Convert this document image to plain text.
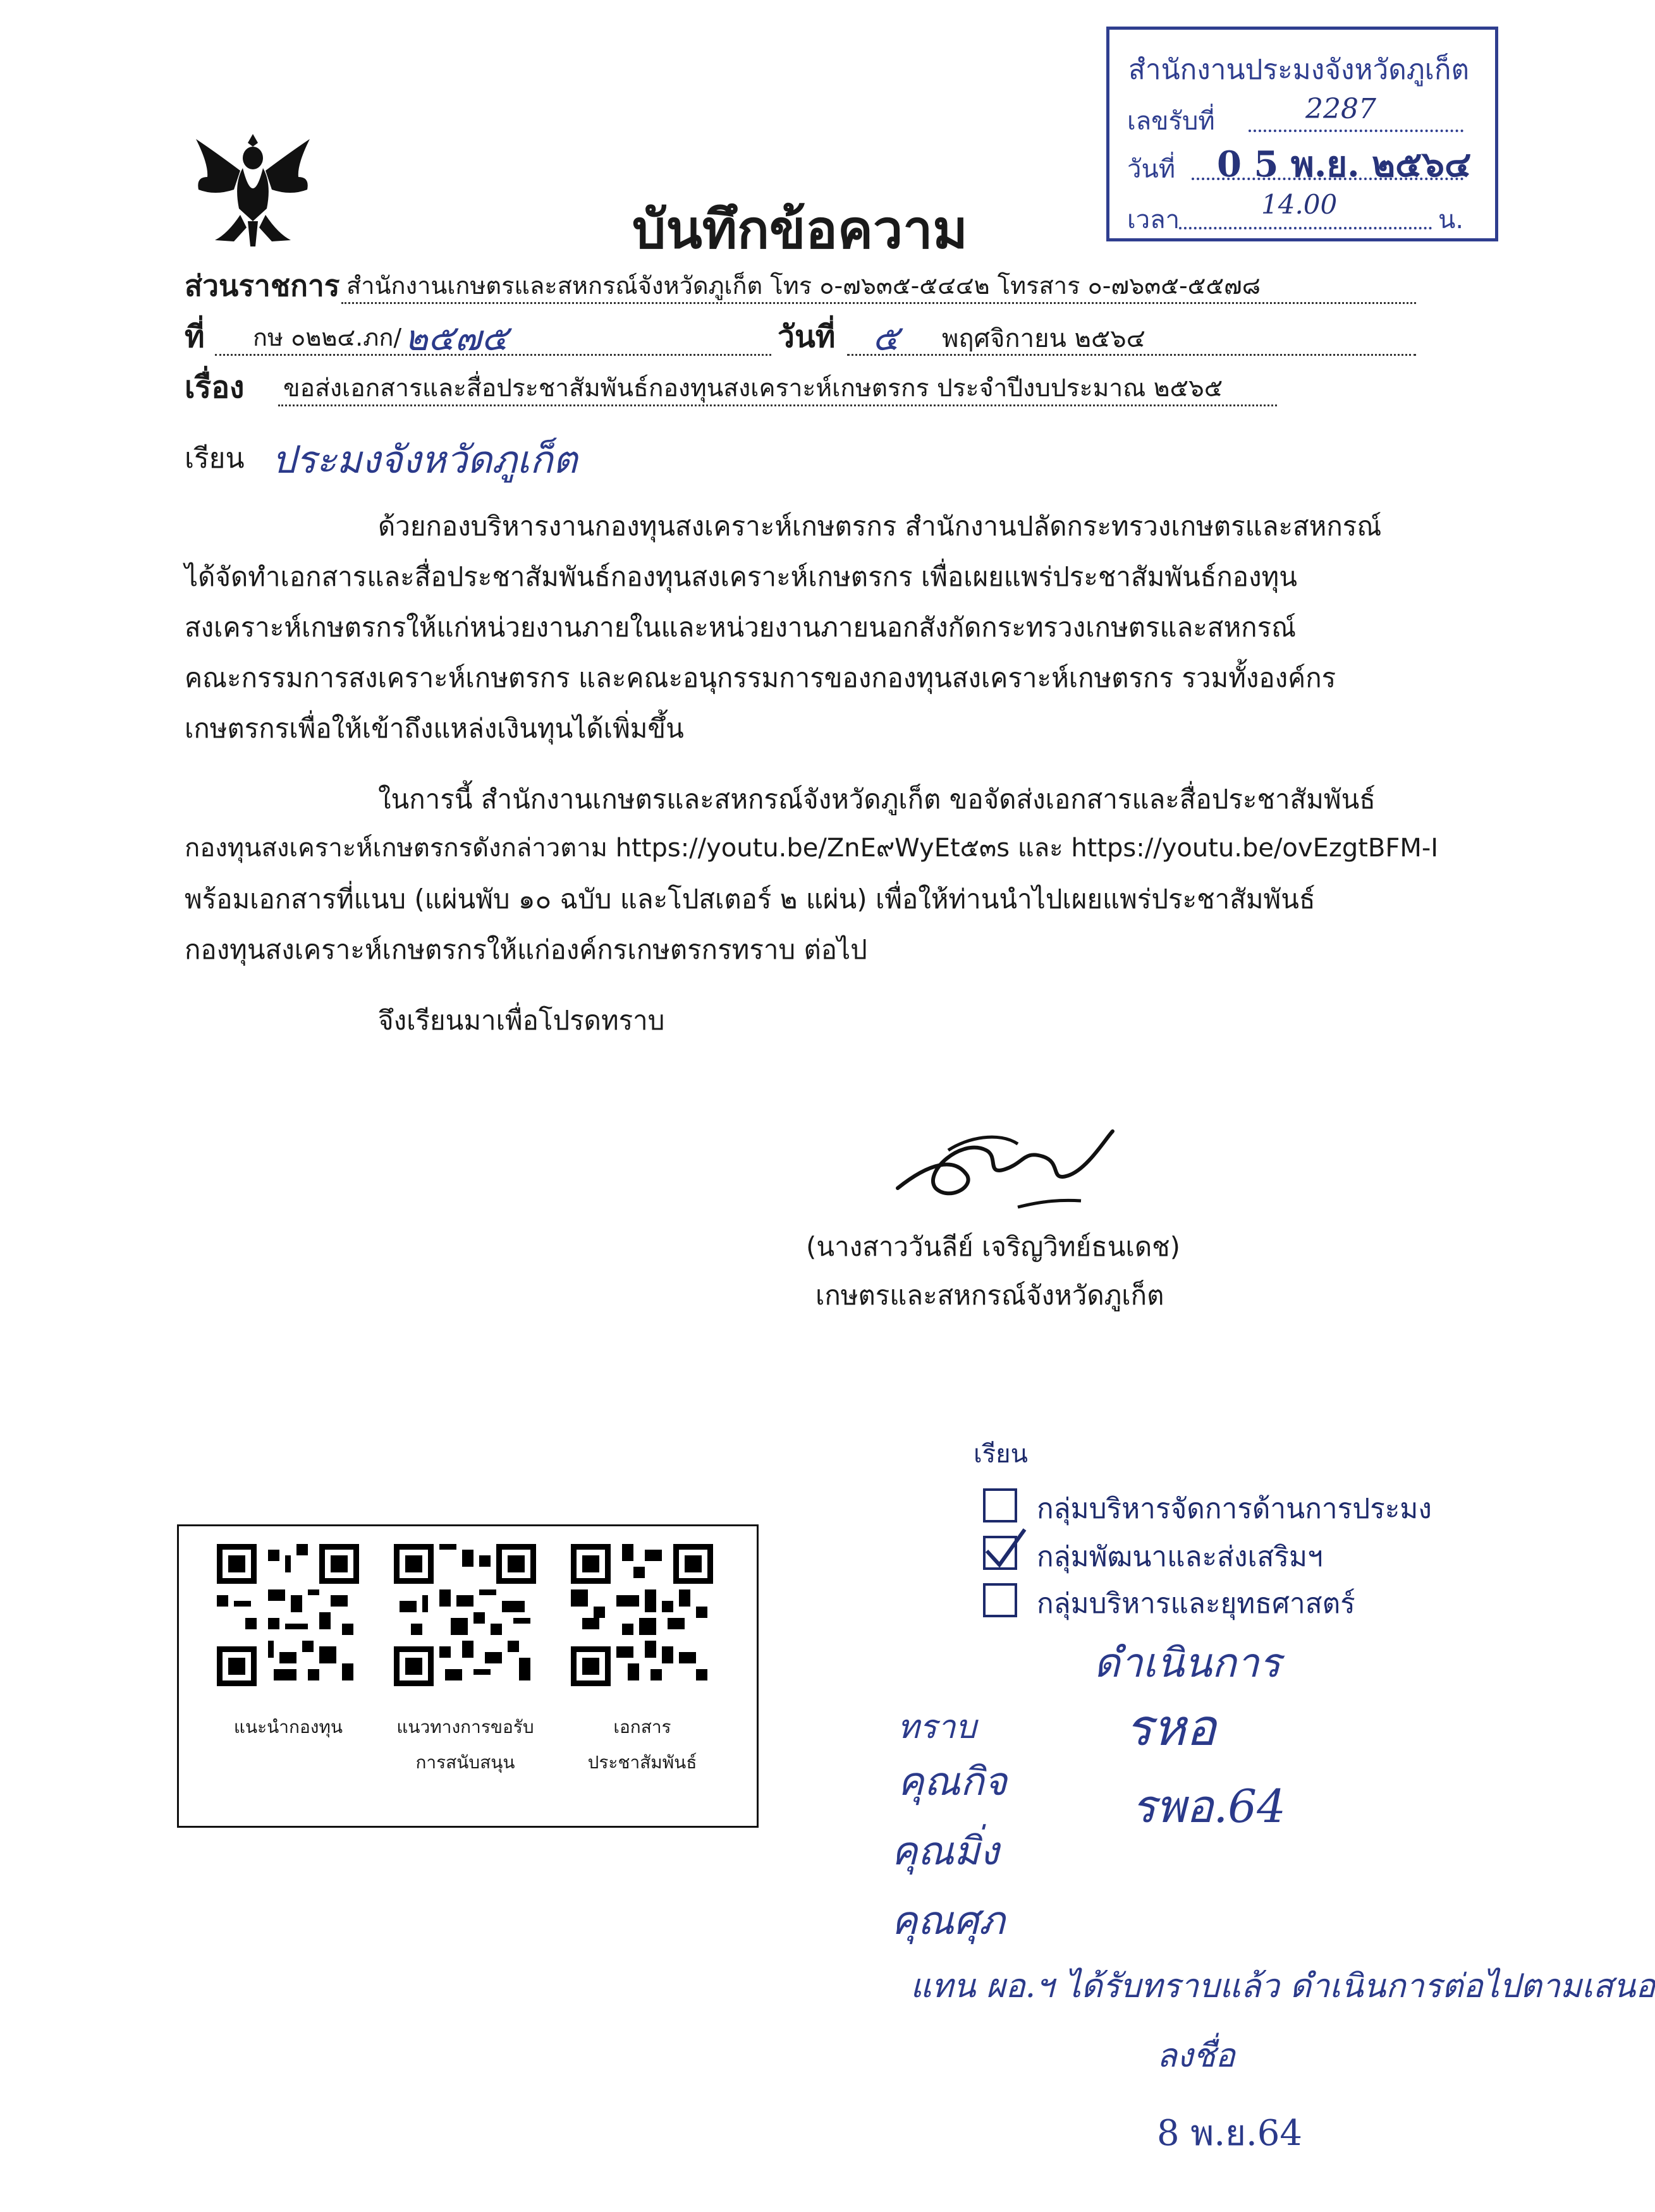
บันทึกข้อความ
สำนักงานประมงจังหวัดภูเก็ต
เลขรับที่	2287
วันที่ 0 5 พ.ย. ๒๕๖๔
เวลา	14.00	น.
ส่วนราชการ สำนักงานเกษตรและสหกรณ์จังหวัดภูเก็ต โทร ๐-๗๖๓๕-๕๔๔๒ โทรสาร ๐-๗๖๓๕-๕๕๗๘
ที่ กษ ๐๒๒๔.ภก/ ๒๕๗๕	วันที่ ๕ พฤศจิกายน ๒๕๖๔
เรื่อง ขอส่งเอกสารและสื่อประชาสัมพันธ์กองทุนสงเคราะห์เกษตรกร ประจำปีงบประมาณ ๒๕๖๕
เรียน ประมงจังหวัดภูเก็ต
ด้วยกองบริหารงานกองทุนสงเคราะห์เกษตรกร สำนักงานปลัดกระทรวงเกษตรและสหกรณ์
ได้จัดทำเอกสารและสื่อประชาสัมพันธ์กองทุนสงเคราะห์เกษตรกร เพื่อเผยแพร่ประชาสัมพันธ์กองทุน
สงเคราะห์เกษตรกรให้แก่หน่วยงานภายในและหน่วยงานภายนอกสังกัดกระทรวงเกษตรและสหกรณ์
คณะกรรมการสงเคราะห์เกษตรกร และคณะอนุกรรมการของกองทุนสงเคราะห์เกษตรกร รวมทั้งองค์กร
เกษตรกรเพื่อให้เข้าถึงแหล่งเงินทุนได้เพิ่มขึ้น
ในการนี้ สำนักงานเกษตรและสหกรณ์จังหวัดภูเก็ต ขอจัดส่งเอกสารและสื่อประชาสัมพันธ์
กองทุนสงเคราะห์เกษตรกรดังกล่าวตาม https://youtu.be/ZnE๙WyEt๕๓s และ https://youtu.be/ovEzgtBFM-I
พร้อมเอกสารที่แนบ (แผ่นพับ ๑๐ ฉบับ และโปสเตอร์ ๒ แผ่น) เพื่อให้ท่านนำไปเผยแพร่ประชาสัมพันธ์
กองทุนสงเคราะห์เกษตรกรให้แก่องค์กรเกษตรกรทราบ ต่อไป
จึงเรียนมาเพื่อโปรดทราบ
(นางสาววันลีย์ เจริญวิทย์ธนเดช)
เกษตรและสหกรณ์จังหวัดภูเก็ต
เรียน
กลุ่มบริหารจัดการด้านการประมง
กลุ่มพัฒนาและส่งเสริมฯ
กลุ่มบริหารและยุทธศาสตร์
ดำเนินการ
รหอ
รพอ.64
ทราบ
คุณกิจ
คุณมิ่ง
คุณศุภ
แทน ผอ.ฯ ได้รับทราบแล้ว ดำเนินการต่อไปตามเสนอ
ลงชื่อ
8 พ.ย.64
แนะนำกองทุน	แนวทางการขอรับ
การสนับสนุน
เอกสาร
ประชาสัมพันธ์
